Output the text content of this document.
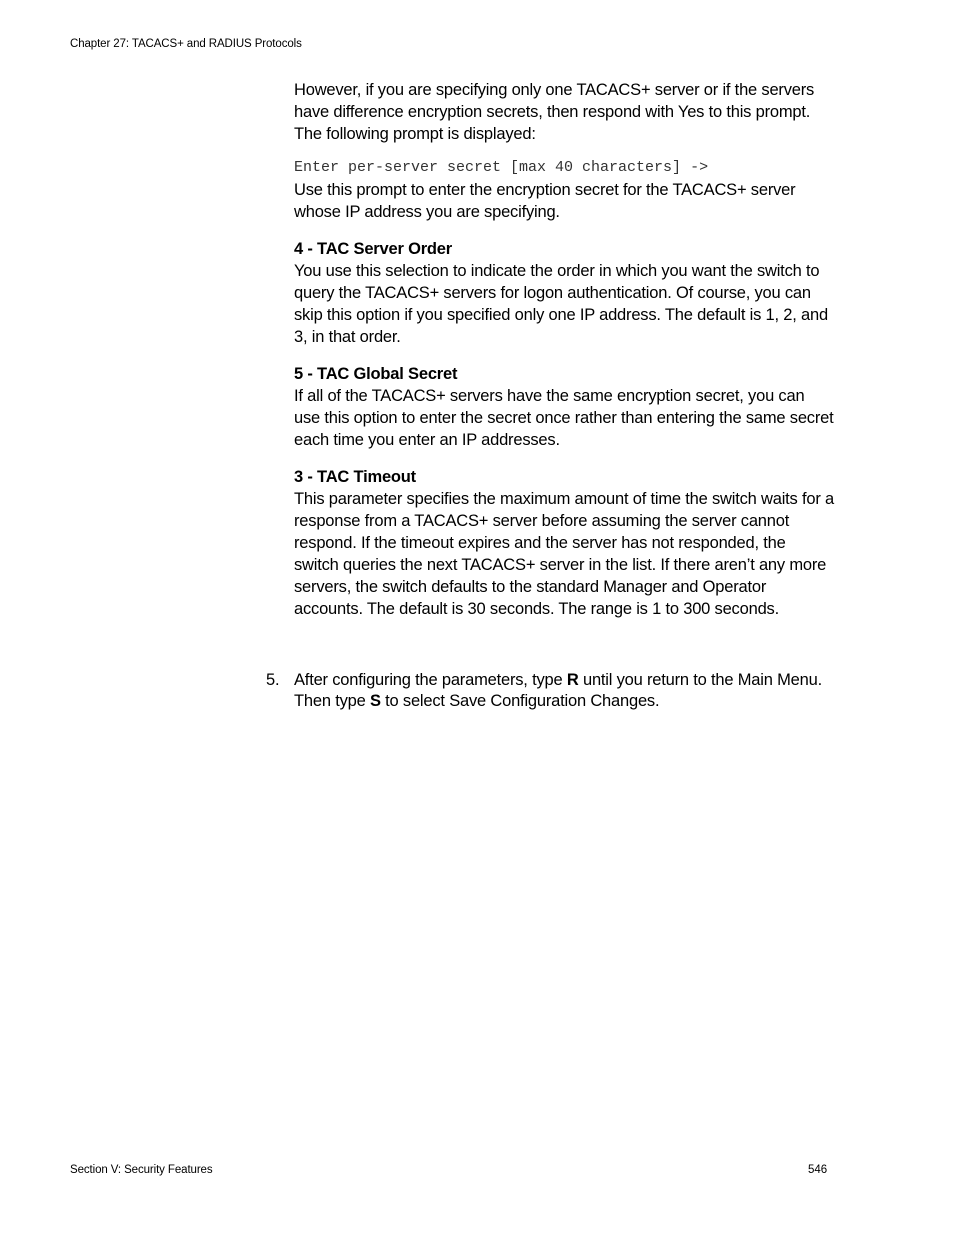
Chapter 27: TACACS+ and RADIUS Protocols

However, if you are specifying only one TACACS+ server or if the servers have difference encryption secrets, then respond with Yes to this prompt. The following prompt is displayed:

Enter per-server secret [max 40 characters] ->

Use this prompt to enter the encryption secret for the TACACS+ server whose IP address you are specifying.

4 - TAC Server Order

You use this selection to indicate the order in which you want the switch to query the TACACS+ servers for logon authentication. Of course, you can skip this option if you specified only one IP address. The default is 1, 2, and 3, in that order.

5 - TAC Global Secret

If all of the TACACS+ servers have the same encryption secret, you can use this option to enter the secret once rather than entering the same secret each time you enter an IP addresses.

3 - TAC Timeout

This parameter specifies the maximum amount of time the switch waits for a response from a TACACS+ server before assuming the server cannot respond. If the timeout expires and the server has not responded, the switch queries the next TACACS+ server in the list. If there aren’t any more servers, the switch defaults to the standard Manager and Operator accounts. The default is 30 seconds. The range is 1 to 300 seconds.

5. After configuring the parameters, type R until you return to the Main Menu. Then type S to select Save Configuration Changes.
Section V: Security Features	546
